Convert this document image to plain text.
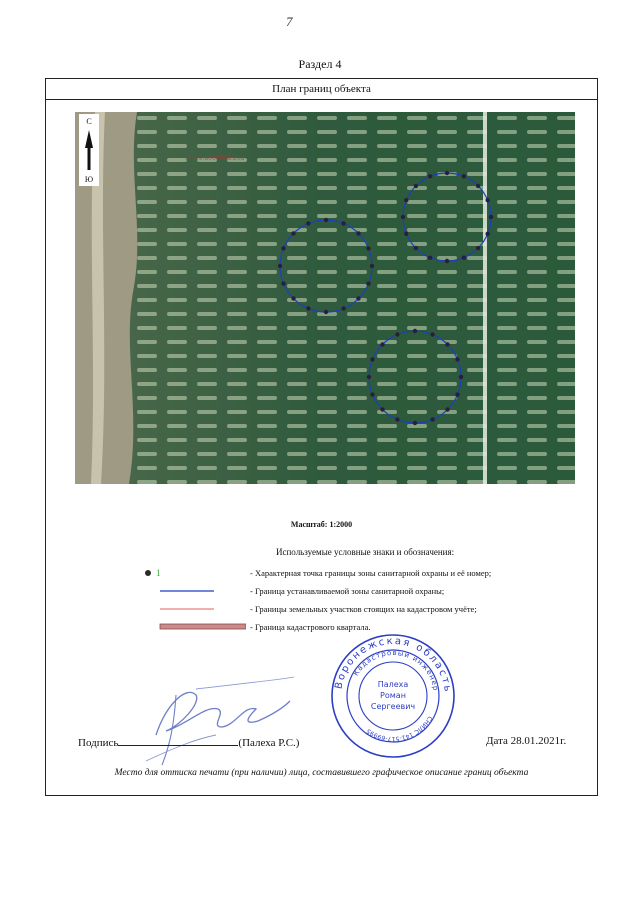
7
Раздел 4
План границ объекта
36:29:8000008:208
С
Ю
Масштаб: 1:2000
Используемые условные знаки и обозначения:
1	- Характерная точка границы зоны санитарной охраны и её номер;
- Граница устанавливаемой зоны санитарной охраны;
- Границы земельных участков стоящих на кадастровом учёте;
- Граница кадастрового квартала.
Воронежская область
Кадастровый инженер
СНИЛС 141-517-69995
Палеха
Роман
Сергеевич
Подпись	(Палеха Р.С.)	Дата 28.01.2021г.
Место для оттиска печати (при наличии) лица, составившего графическое описание границ объекта
